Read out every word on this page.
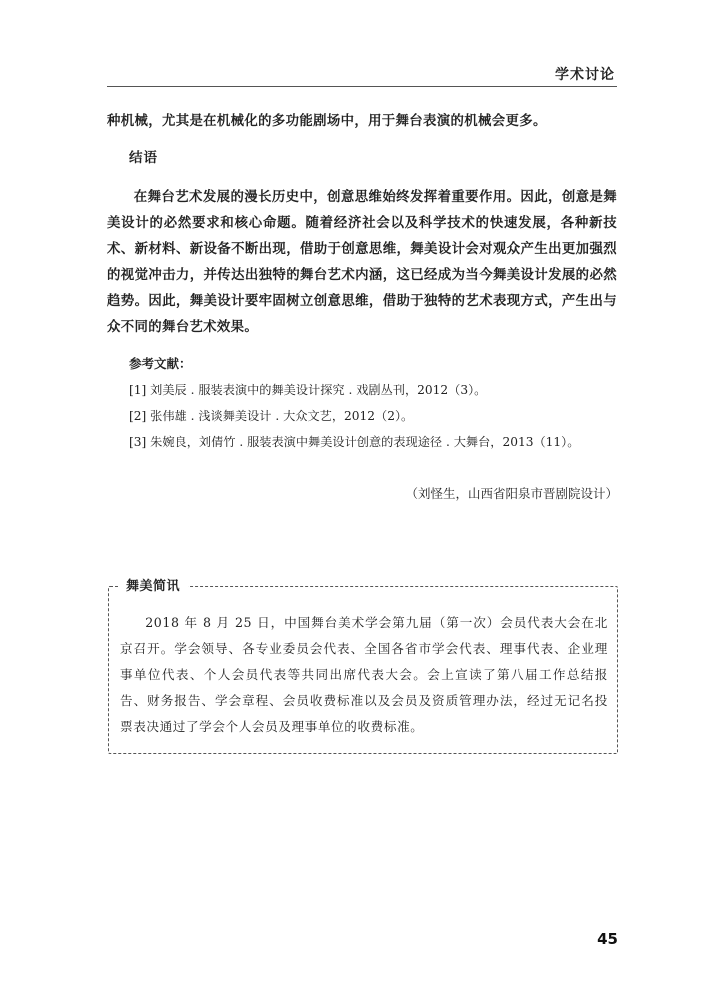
学术讨论

种机械，尤其是在机械化的多功能剧场中，用于舞台表演的机械会更多。

结语

在舞台艺术发展的漫长历史中，创意思维始终发挥着重要作用。因此，创意是舞美设计的必然要求和核心命题。随着经济社会以及科学技术的快速发展，各种新技术、新材料、新设备不断出现，借助于创意思维，舞美设计会对观众产生出更加强烈的视觉冲击力，并传达出独特的舞台艺术内涵，这已经成为当今舞美设计发展的必然趋势。因此，舞美设计要牢固树立创意思维，借助于独特的艺术表现方式，产生出与众不同的舞台艺术效果。

参考文献：
[1] 刘美辰 . 服装表演中的舞美设计探究 . 戏剧丛刊，2012（3）。
[2] 张伟雄 . 浅谈舞美设计 . 大众文艺，2012（2）。
[3] 朱婉良，刘倩竹 . 服装表演中舞美设计创意的表现途径 . 大舞台，2013（11）。
（刘怪生，山西省阳泉市晋剧院设计）
舞美简讯

2018 年 8 月 25 日，中国舞台美术学会第九届（第一次）会员代表大会在北京召开。学会领导、各专业委员会代表、全国各省市学会代表、理事代表、企业理事单位代表、个人会员代表等共同出席代表大会。会上宣读了第八届工作总结报告、财务报告、学会章程、会员收费标准以及会员及资质管理办法，经过无记名投票表决通过了学会个人会员及理事单位的收费标准。

45
